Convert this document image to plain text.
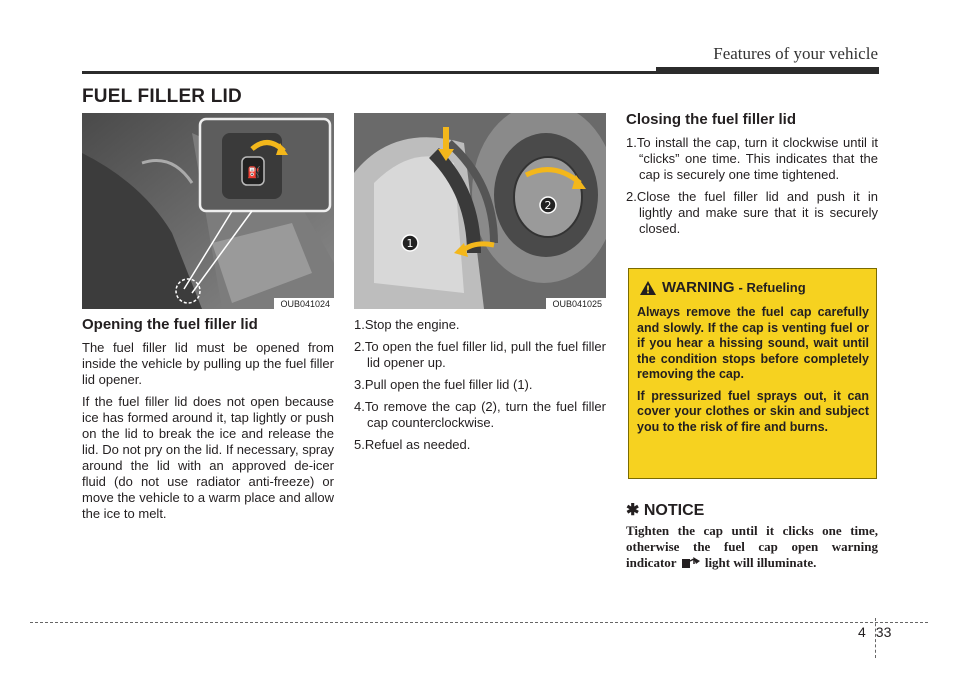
Features of your vehicle
FUEL FILLER LID
⛽
OUB041024
1
2
OUB041025
Opening the fuel filler lid

The fuel filler lid must be opened from inside the vehicle by pulling up the fuel filler lid opener.

If the fuel filler lid does not open because ice has formed around it, tap lightly or push on the lid to break the ice and release the lid. Do not pry on the lid. If necessary, spray around the lid with an approved de-icer fluid (do not use radiator anti-freeze) or move the vehicle to a warm place and allow the ice to melt.

1.Stop the engine.
2.To open the fuel filler lid, pull the fuel filler lid opener up.
3.Pull open the fuel filler lid (1).
4.To remove the cap (2), turn the fuel filler cap counterclockwise.
5.Refuel as needed.
Closing the fuel filler lid
1.To install the cap, turn it clockwise until it “clicks” one time. This indicates that the cap is securely one time tightened.
2.Close the fuel filler lid and push it in lightly and make sure that it is securely closed.
WARNING - Refueling

Always remove the fuel cap carefully and slowly. If the cap is venting fuel or if you hear a hissing sound, wait until the condition stops before completely removing the cap.

If pressurized fuel sprays out, it can cover your clothes or skin and subject you to the risk of fire and burns.

✱ NOTICE
Tighten the cap until it clicks one time, otherwise the fuel cap open warning indicator light will illuminate.
4 33
